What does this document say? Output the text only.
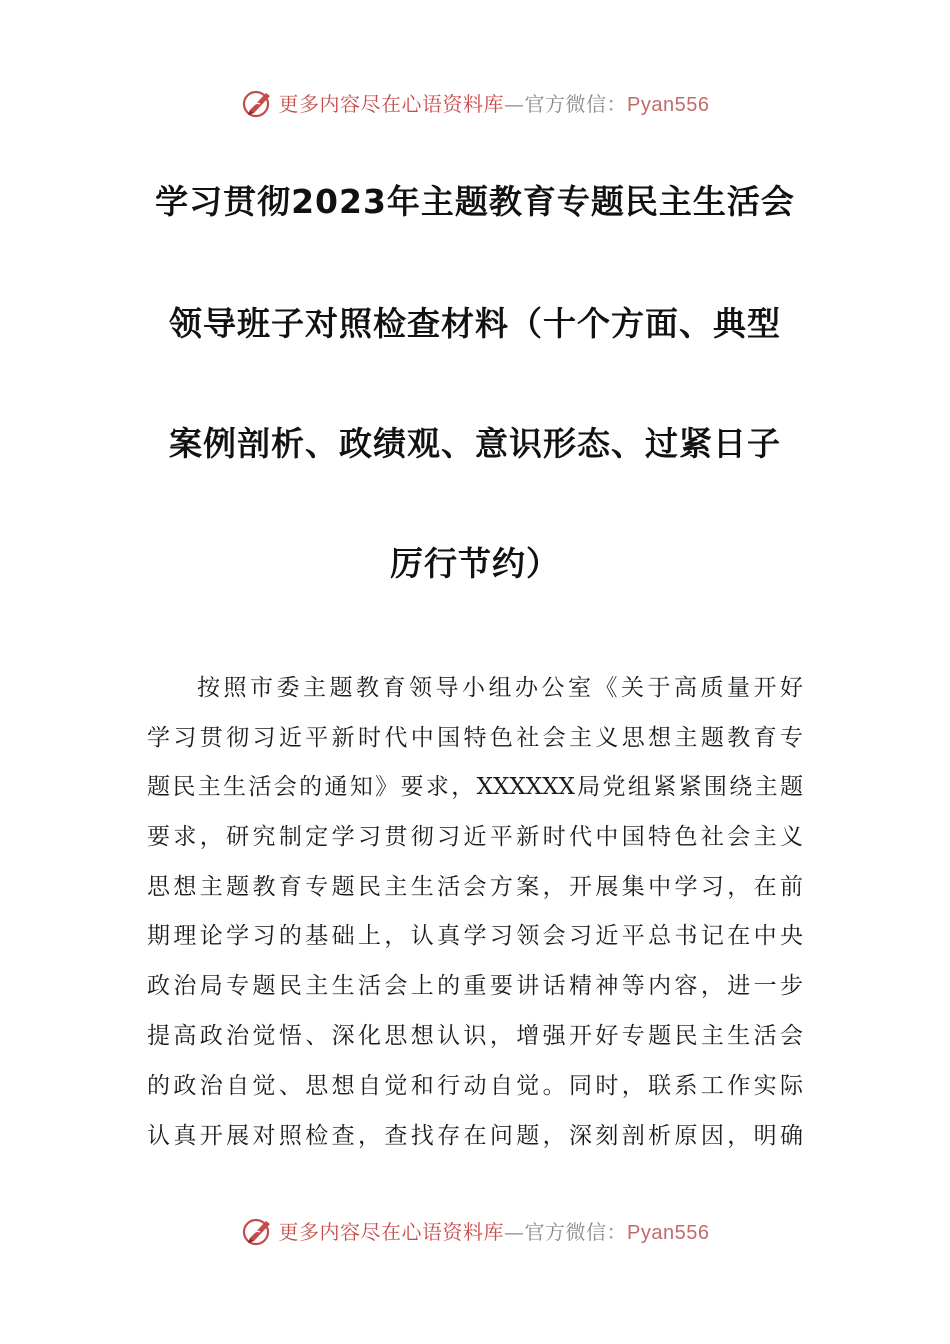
更多内容尽在心语资料库—官方微信：Pyan556
学习贯彻2023年主题教育专题民主生活会
领导班子对照检查材料（十个方面、典型
案例剖析、政绩观、意识形态、过紧日子
厉行节约）
按照市委主题教育领导小组办公室《关于高质量开好
学习贯彻习近平新时代中国特色社会主义思想主题教育专
题民主生活会的通知》要求，XXXXXX局党组紧紧围绕主题
要求，研究制定学习贯彻习近平新时代中国特色社会主义
思想主题教育专题民主生活会方案，开展集中学习，在前
期理论学习的基础上，认真学习领会习近平总书记在中央
政治局专题民主生活会上的重要讲话精神等内容，进一步
提高政治觉悟、深化思想认识，增强开好专题民主生活会
的政治自觉、思想自觉和行动自觉。同时，联系工作实际
认真开展对照检查，查找存在问题，深刻剖析原因，明确
更多内容尽在心语资料库—官方微信：Pyan556
